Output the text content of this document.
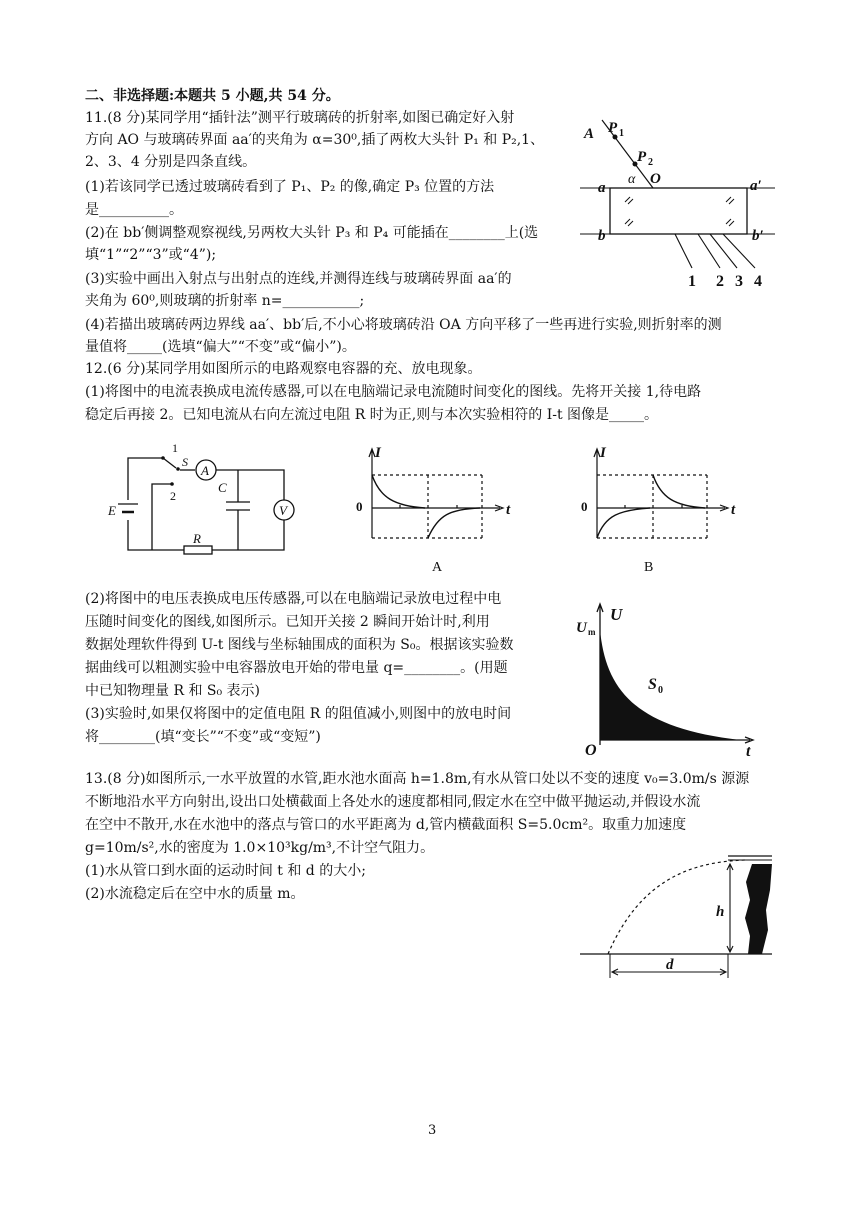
二、非选择题:本题共 5 小题,共 54 分。
11.(8 分)某同学用“插针法”测平行玻璃砖的折射率,如图已确定好入射
方向 AO 与玻璃砖界面 aa′的夹角为 α=30⁰,插了两枚大头针 P₁ 和 P₂,1、
2、3、4 分别是四条直线。
(1)若该同学已透过玻璃砖看到了 P₁、P₂ 的像,确定 P₃ 位置的方法
是__________。
(2)在 bb′侧调整观察视线,另两枚大头针 P₃ 和 P₄ 可能插在________上(选
填“1”“2”“3”或“4”);
(3)实验中画出入射点与出射点的连线,并测得连线与玻璃砖界面 aa′的
夹角为 60⁰,则玻璃的折射率 n=___________;
(4)若描出玻璃砖两边界线 aa′、bb′后,不小心将玻璃砖沿 OA 方向平移了一些再进行实验,则折射率的测
量值将_____(选填“偏大”“不变”或“偏小”)。
A P 1
P 2
α O
a	a′
b	b′
1 2 3 4
12.(6 分)某同学用如图所示的电路观察电容器的充、放电现象。
(1)将图中的电流表换成电流传感器,可以在电脑端记录电流随时间变化的图线。先将开关接 1,待电路
稳定后再接 2。已知电流从右向左流过电阻 R 时为正,则与本次实验相符的 I-t 图像是_____。
1
2
S
A
V
C
E
R
I
t
0
A
I
t
0
B
(2)将图中的电压表换成电压传感器,可以在电脑端记录放电过程中电
压随时间变化的图线,如图所示。已知开关接 2 瞬间开始计时,利用
数据处理软件得到 U-t 图线与坐标轴围成的面积为 S₀。根据该实验数
据曲线可以粗测实验中电容器放电开始的带电量 q=________。(用题
中已知物理量 R 和 S₀ 表示)
(3)实验时,如果仅将图中的定值电阻 R 的阻值减小,则图中的放电时间
将________(填“变长”“不变”或“变短”)
U
U m
S 0
O	t
13.(8 分)如图所示,一水平放置的水管,距水池水面高 h=1.8m,有水从管口处以不变的速度 v₀=3.0m/s 源源
不断地沿水平方向射出,设出口处横截面上各处水的速度都相同,假定水在空中做平抛运动,并假设水流
在空中不散开,水在水池中的落点与管口的水平距离为 d,管内横截面积 S=5.0cm²。取重力加速度
g=10m/s²,水的密度为 1.0×10³kg/m³,不计空气阻力。
(1)水从管口到水面的运动时间 t 和 d 的大小;
(2)水流稳定后在空中水的质量 m。
h
d
3
